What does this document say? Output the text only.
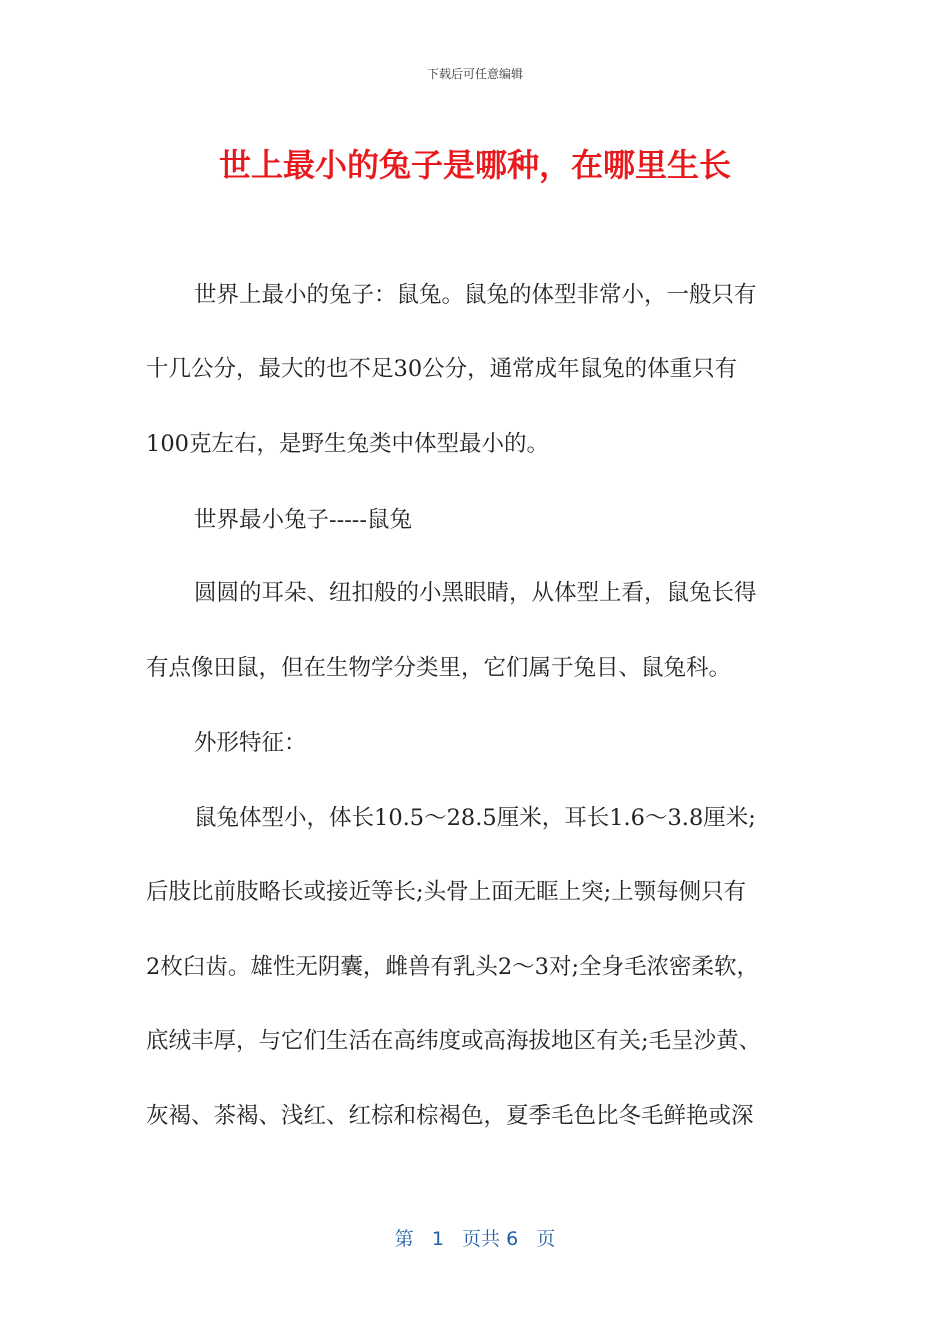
下载后可任意编辑
世上最小的兔子是哪种，在哪里生长
世界上最小的兔子：鼠兔。鼠兔的体型非常小，一般只有
十几公分，最大的也不足30公分，通常成年鼠兔的体重只有
100克左右，是野生兔类中体型最小的。
世界最小兔子-----鼠兔
圆圆的耳朵、纽扣般的小黑眼睛，从体型上看，鼠兔长得
有点像田鼠，但在生物学分类里，它们属于兔目、鼠兔科。
外形特征：
鼠兔体型小，体长10.5～28.5厘米，耳长1.6～3.8厘米;
后肢比前肢略长或接近等长;头骨上面无眶上突;上颚每侧只有
2枚臼齿。雄性无阴囊，雌兽有乳头2～3对;全身毛浓密柔软，
底绒丰厚，与它们生活在高纬度或高海拔地区有关;毛呈沙黄、
灰褐、茶褐、浅红、红棕和棕褐色，夏季毛色比冬毛鲜艳或深
第 1 页共 6 页
